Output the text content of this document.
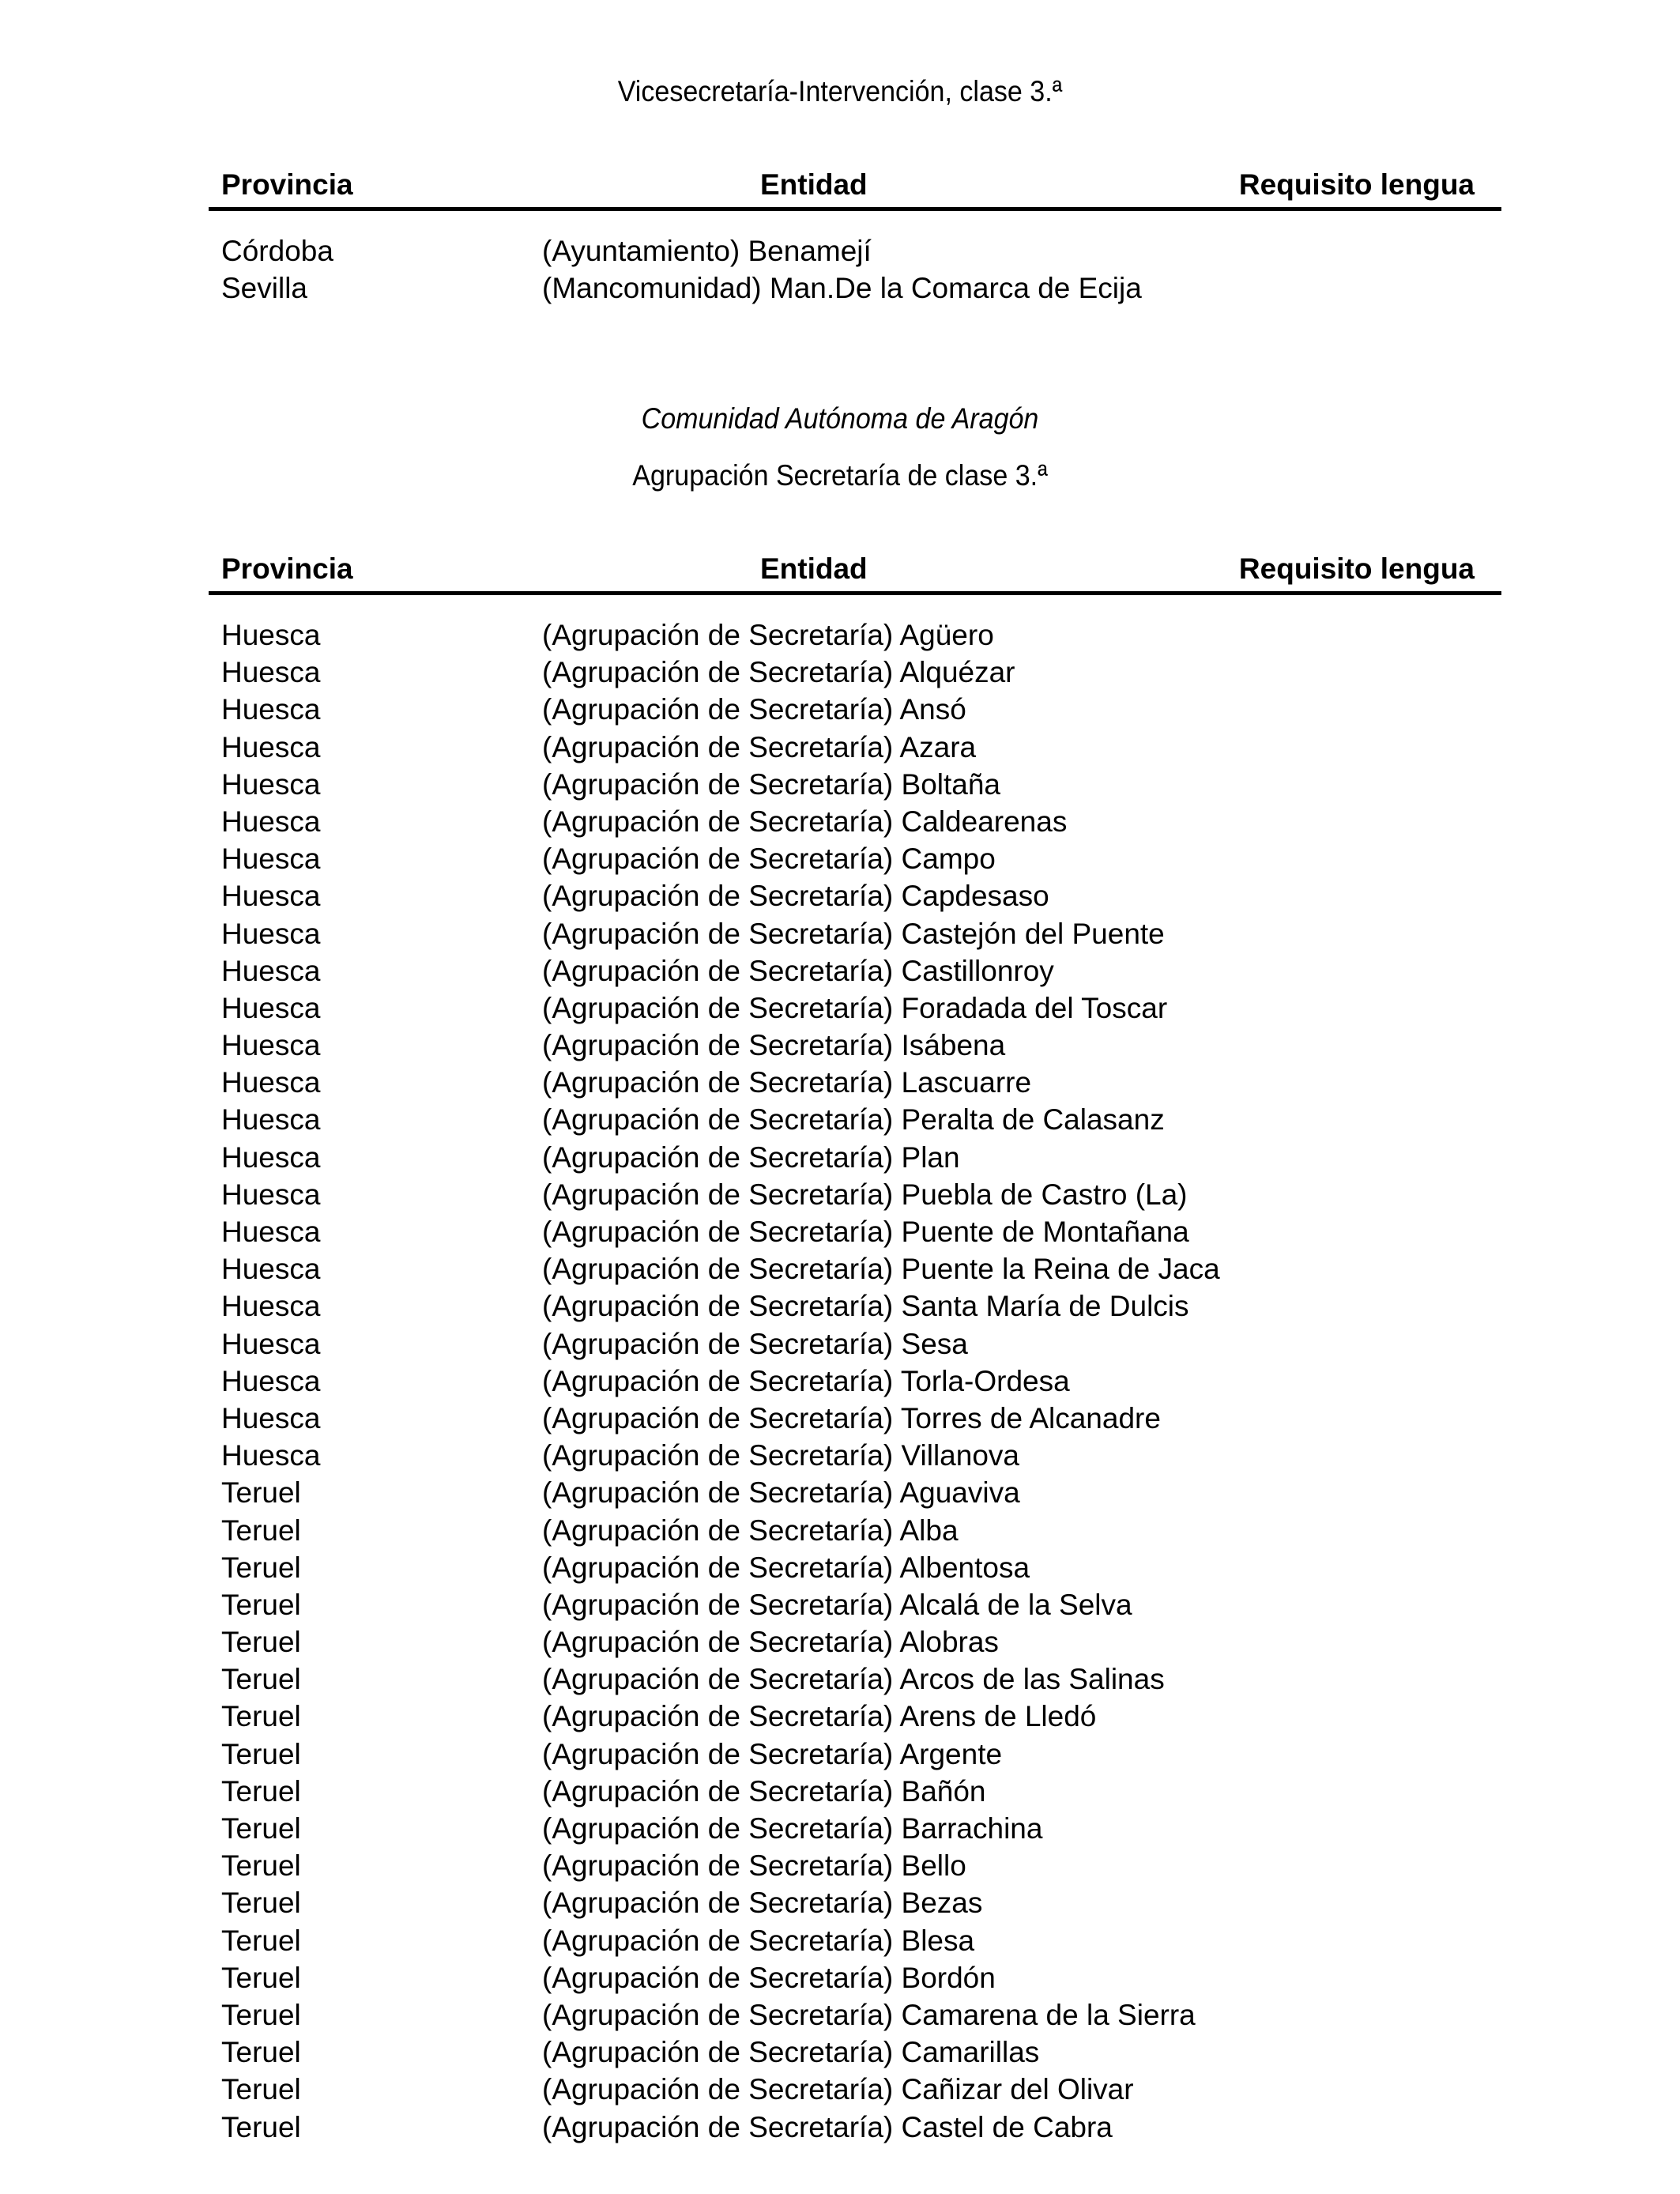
Vicesecretaría-Intervención, clase 3.ª
Provincia	Entidad	Requisito lengua
Córdoba	(Ayuntamiento) Benamejí
Sevilla	(Mancomunidad) Man.De la Comarca de Ecija
Comunidad Autónoma de Aragón
Agrupación Secretaría de clase 3.ª
Provincia	Entidad	Requisito lengua
Huesca	(Agrupación de Secretaría) Agüero
Huesca	(Agrupación de Secretaría) Alquézar
Huesca	(Agrupación de Secretaría) Ansó
Huesca	(Agrupación de Secretaría) Azara
Huesca	(Agrupación de Secretaría) Boltaña
Huesca	(Agrupación de Secretaría) Caldearenas
Huesca	(Agrupación de Secretaría) Campo
Huesca	(Agrupación de Secretaría) Capdesaso
Huesca	(Agrupación de Secretaría) Castejón del Puente
Huesca	(Agrupación de Secretaría) Castillonroy
Huesca	(Agrupación de Secretaría) Foradada del Toscar
Huesca	(Agrupación de Secretaría) Isábena
Huesca	(Agrupación de Secretaría) Lascuarre
Huesca	(Agrupación de Secretaría) Peralta de Calasanz
Huesca	(Agrupación de Secretaría) Plan
Huesca	(Agrupación de Secretaría) Puebla de Castro (La)
Huesca	(Agrupación de Secretaría) Puente de Montañana
Huesca	(Agrupación de Secretaría) Puente la Reina de Jaca
Huesca	(Agrupación de Secretaría) Santa María de Dulcis
Huesca	(Agrupación de Secretaría) Sesa
Huesca	(Agrupación de Secretaría) Torla-Ordesa
Huesca	(Agrupación de Secretaría) Torres de Alcanadre
Huesca	(Agrupación de Secretaría) Villanova
Teruel	(Agrupación de Secretaría) Aguaviva
Teruel	(Agrupación de Secretaría) Alba
Teruel	(Agrupación de Secretaría) Albentosa
Teruel	(Agrupación de Secretaría) Alcalá de la Selva
Teruel	(Agrupación de Secretaría) Alobras
Teruel	(Agrupación de Secretaría) Arcos de las Salinas
Teruel	(Agrupación de Secretaría) Arens de Lledó
Teruel	(Agrupación de Secretaría) Argente
Teruel	(Agrupación de Secretaría) Bañón
Teruel	(Agrupación de Secretaría) Barrachina
Teruel	(Agrupación de Secretaría) Bello
Teruel	(Agrupación de Secretaría) Bezas
Teruel	(Agrupación de Secretaría) Blesa
Teruel	(Agrupación de Secretaría) Bordón
Teruel	(Agrupación de Secretaría) Camarena de la Sierra
Teruel	(Agrupación de Secretaría) Camarillas
Teruel	(Agrupación de Secretaría) Cañizar del Olivar
Teruel	(Agrupación de Secretaría) Castel de Cabra
